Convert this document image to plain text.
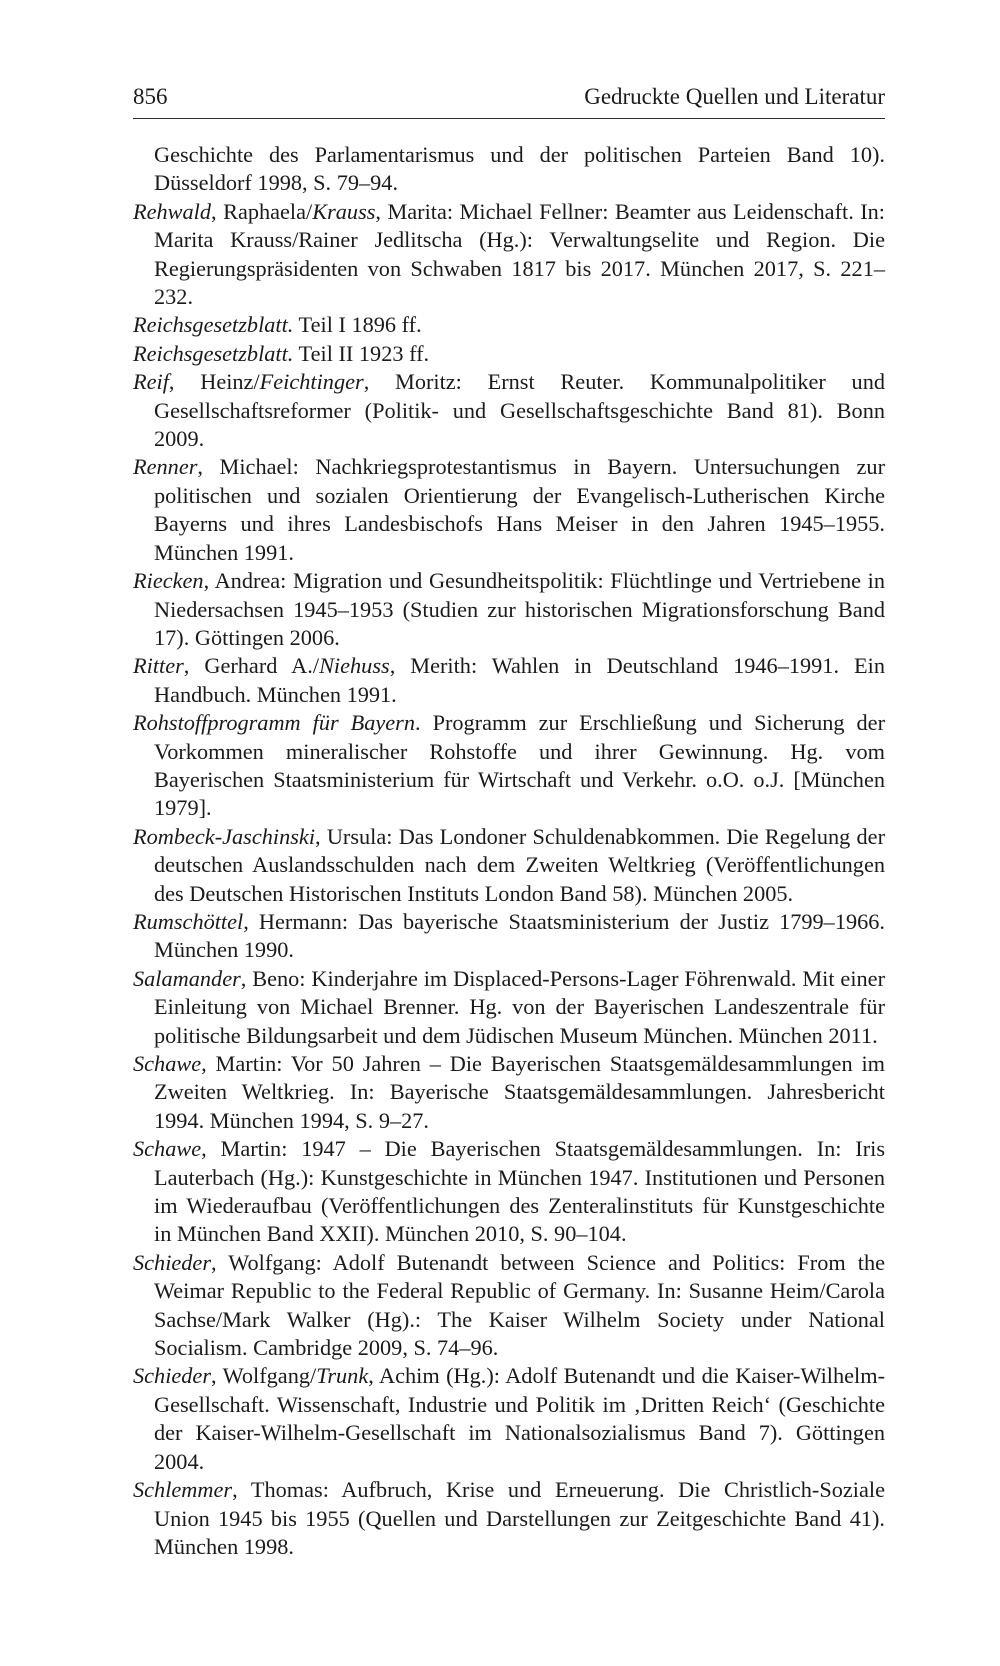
856	Gedruckte Quellen und Literatur

Geschichte des Parlamentarismus und der politischen Parteien Band 10). Düsseldorf 1998, S. 79–94.

Rehwald, Raphaela/Krauss, Marita: Michael Fellner: Beamter aus Leidenschaft. In: Marita Krauss/Rainer Jedlitscha (Hg.): Verwaltungselite und Region. Die Regierungspräsidenten von Schwaben 1817 bis 2017. München 2017, S. 221–232.

Reichsgesetzblatt. Teil I 1896 ff.

Reichsgesetzblatt. Teil II 1923 ff.

Reif, Heinz/Feichtinger, Moritz: Ernst Reuter. Kommunalpolitiker und Gesellschaftsreformer (Politik- und Gesellschaftsgeschichte Band 81). Bonn 2009.

Renner, Michael: Nachkriegsprotestantismus in Bayern. Untersuchungen zur politischen und sozialen Orientierung der Evangelisch-Lutherischen Kirche Bayerns und ihres Landesbischofs Hans Meiser in den Jahren 1945–1955. München 1991.

Riecken, Andrea: Migration und Gesundheitspolitik: Flüchtlinge und Vertriebene in Niedersachsen 1945–1953 (Studien zur historischen Migrationsforschung Band 17). Göttingen 2006.

Ritter, Gerhard A./Niehuss, Merith: Wahlen in Deutschland 1946–1991. Ein Handbuch. München 1991.

Rohstoffprogramm für Bayern. Programm zur Erschließung und Sicherung der Vorkommen mineralischer Rohstoffe und ihrer Gewinnung. Hg. vom Bayerischen Staatsministerium für Wirtschaft und Verkehr. o.O. o.J. [München 1979].

Rombeck-Jaschinski, Ursula: Das Londoner Schuldenabkommen. Die Regelung der deutschen Auslandsschulden nach dem Zweiten Weltkrieg (Veröffentlichungen des Deutschen Historischen Instituts London Band 58). München 2005.

Rumschöttel, Hermann: Das bayerische Staatsministerium der Justiz 1799–1966. München 1990.

Salamander, Beno: Kinderjahre im Displaced-Persons-Lager Föhrenwald. Mit einer Einleitung von Michael Brenner. Hg. von der Bayerischen Landeszentrale für politische Bildungsarbeit und dem Jüdischen Museum München. München 2011.

Schawe, Martin: Vor 50 Jahren – Die Bayerischen Staatsgemäldesammlungen im Zweiten Weltkrieg. In: Bayerische Staatsgemäldesammlungen. Jahresbericht 1994. München 1994, S. 9–27.

Schawe, Martin: 1947 – Die Bayerischen Staatsgemäldesammlungen. In: Iris Lauterbach (Hg.): Kunstgeschichte in München 1947. Institutionen und Personen im Wiederaufbau (Veröffentlichungen des Zenteralinstituts für Kunstgeschichte in München Band XXII). München 2010, S. 90–104.

Schieder, Wolfgang: Adolf Butenandt between Science and Politics: From the Weimar Republic to the Federal Republic of Germany. In: Susanne Heim/Carola Sachse/Mark Walker (Hg).: The Kaiser Wilhelm Society under National Socialism. Cambridge 2009, S. 74–96.

Schieder, Wolfgang/Trunk, Achim (Hg.): Adolf Butenandt und die Kaiser-Wilhelm-Gesellschaft. Wissenschaft, Industrie und Politik im ‚Dritten Reich‘ (Geschichte der Kaiser-Wilhelm-Gesellschaft im Nationalsozialismus Band 7). Göttingen 2004.

Schlemmer, Thomas: Aufbruch, Krise und Erneuerung. Die Christlich-Soziale Union 1945 bis 1955 (Quellen und Darstellungen zur Zeitgeschichte Band 41). München 1998.
